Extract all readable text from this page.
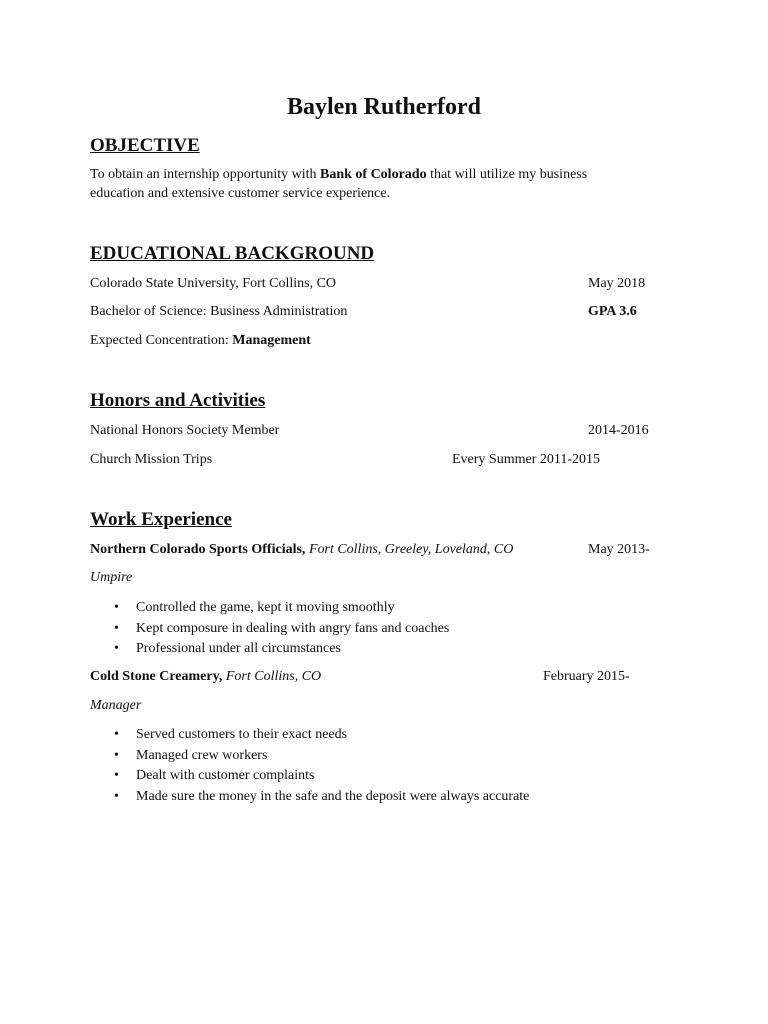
Baylen Rutherford
OBJECTIVE
To obtain an internship opportunity with Bank of Colorado that will utilize my business
education and extensive customer service experience.
EDUCATIONAL BACKGROUND
Colorado State University, Fort Collins, CO	May 2018
Bachelor of Science: Business Administration	GPA 3.6
Expected Concentration: Management
Honors and Activities
National Honors Society Member	2014-2016
Church Mission Trips	Every Summer 2011-2015
Work Experience
Northern Colorado Sports Officials, Fort Collins, Greeley, Loveland, CO	May 2013-
Umpire
• Controlled the game, kept it moving smoothly
• Kept composure in dealing with angry fans and coaches
• Professional under all circumstances
Cold Stone Creamery, Fort Collins, CO	February 2015-
Manager
• Served customers to their exact needs
• Managed crew workers
• Dealt with customer complaints
• Made sure the money in the safe and the deposit were always accurate
